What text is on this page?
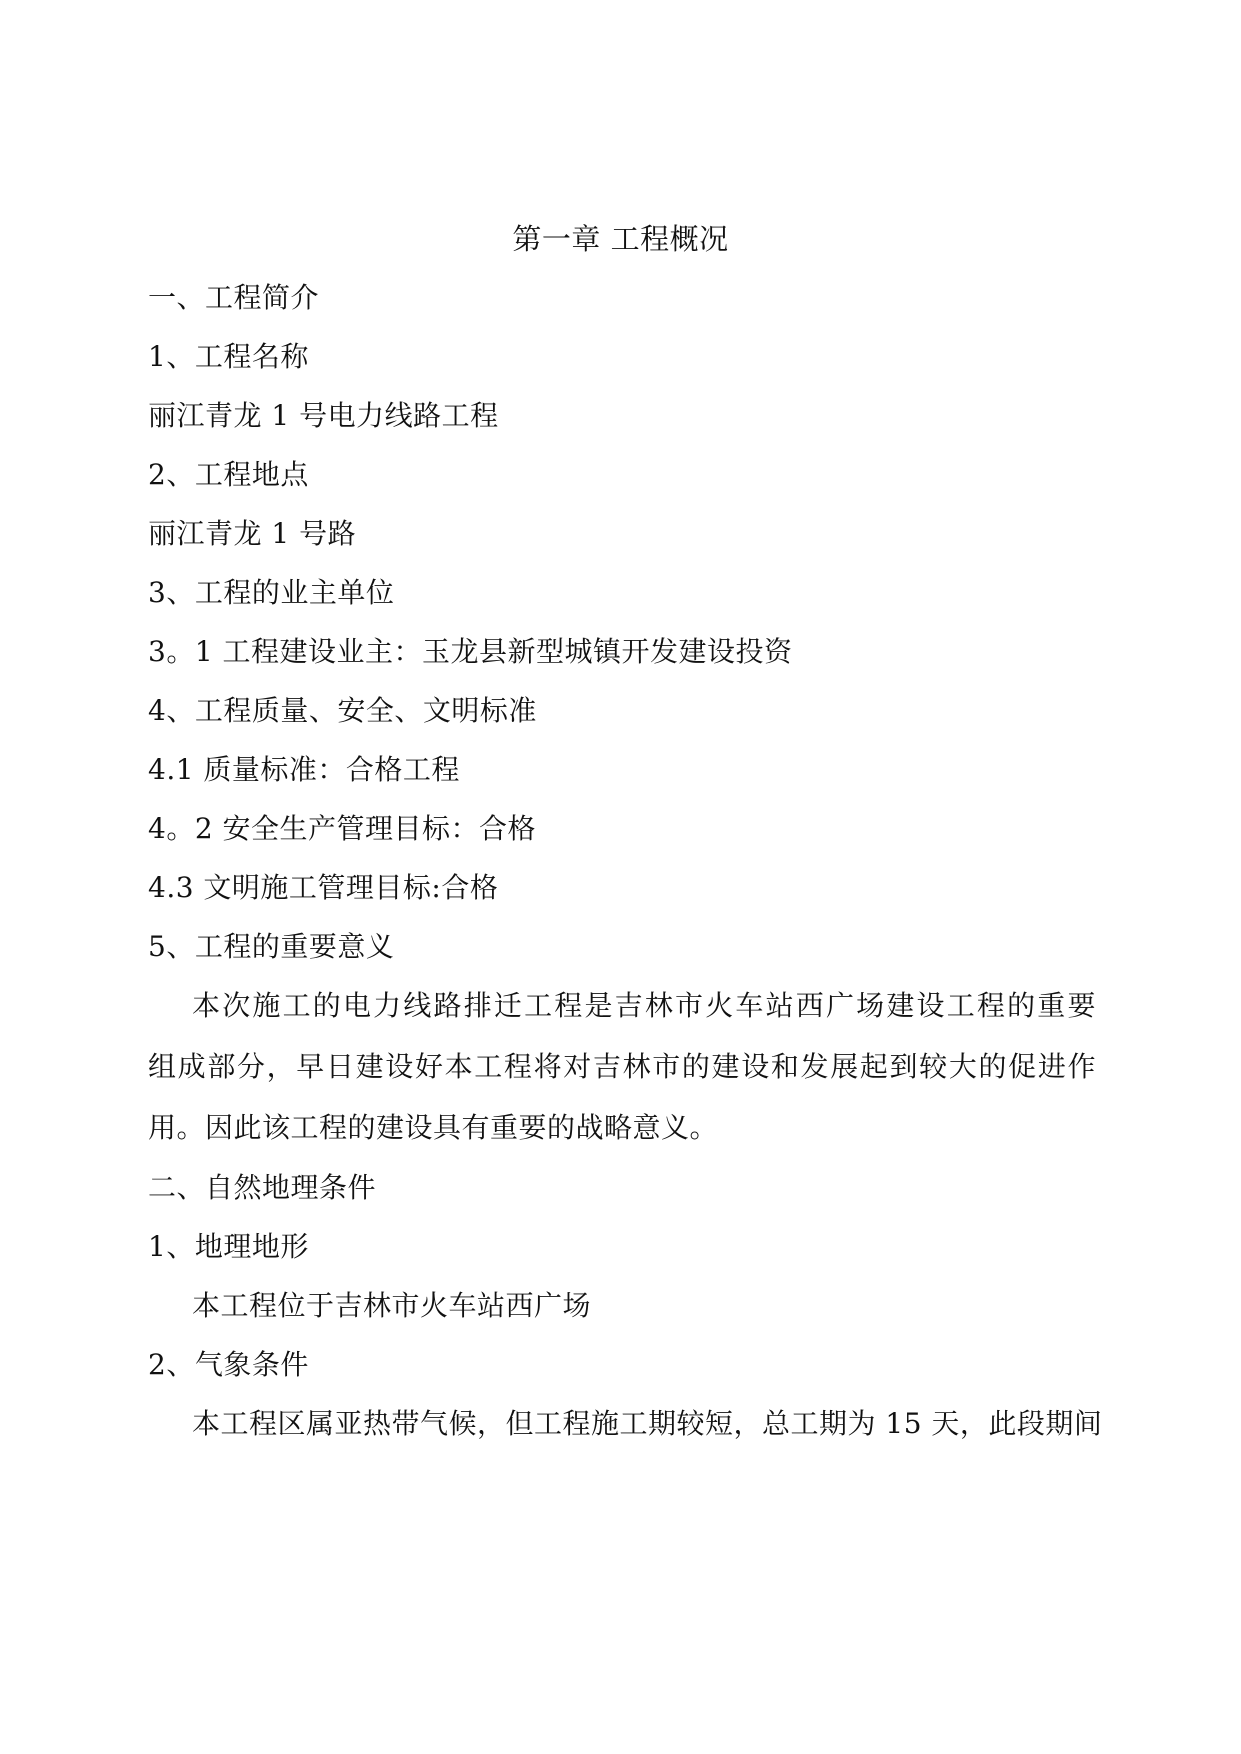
第一章 工程概况
一、工程简介
1、工程名称
丽江青龙 1 号电力线路工程
2、工程地点
丽江青龙 1 号路
3、工程的业主单位
3。1 工程建设业主：玉龙县新型城镇开发建设投资
4、工程质量、安全、文明标准
4.1 质量标准：合格工程
4。2 安全生产管理目标：合格
4.3 文明施工管理目标:合格
5、工程的重要意义
本次施工的电力线路排迁工程是吉林市火车站西广场建设工程的重要
组成部分，早日建设好本工程将对吉林市的建设和发展起到较大的促进作
用。因此该工程的建设具有重要的战略意义。
二、自然地理条件
1、地理地形
本工程位于吉林市火车站西广场
2、气象条件
本工程区属亚热带气候，但工程施工期较短，总工期为 15 天，此段期间
